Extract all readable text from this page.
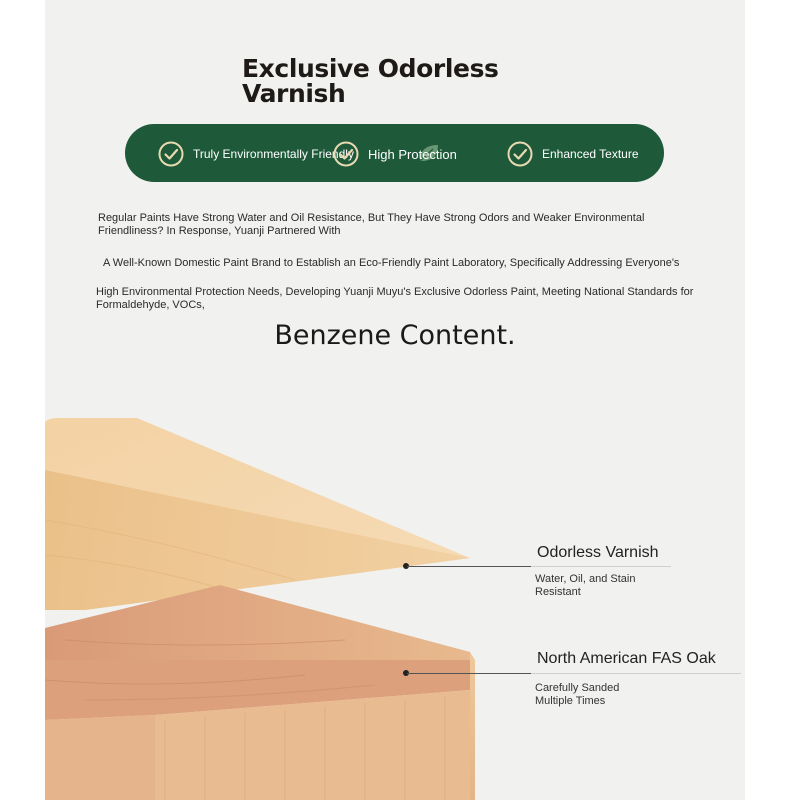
Exclusive Odorless Varnish
Truly Environmentally Friendly High Protection	Enhanced Texture

Regular Paints Have Strong Water and Oil Resistance, But They Have Strong Odors and Weaker Environmental Friendliness? In Response, Yuanji Partnered With

A Well-Known Domestic Paint Brand to Establish an Eco-Friendly Paint Laboratory, Specifically Addressing Everyone's

High Environmental Protection Needs, Developing Yuanji Muyu's Exclusive Odorless Paint, Meeting National Standards for Formaldehyde, VOCs,

Benzene Content.

Odorless Varnish
Water, Oil, and Stain Resistant
North American FAS Oak
Carefully Sanded Multiple Times
